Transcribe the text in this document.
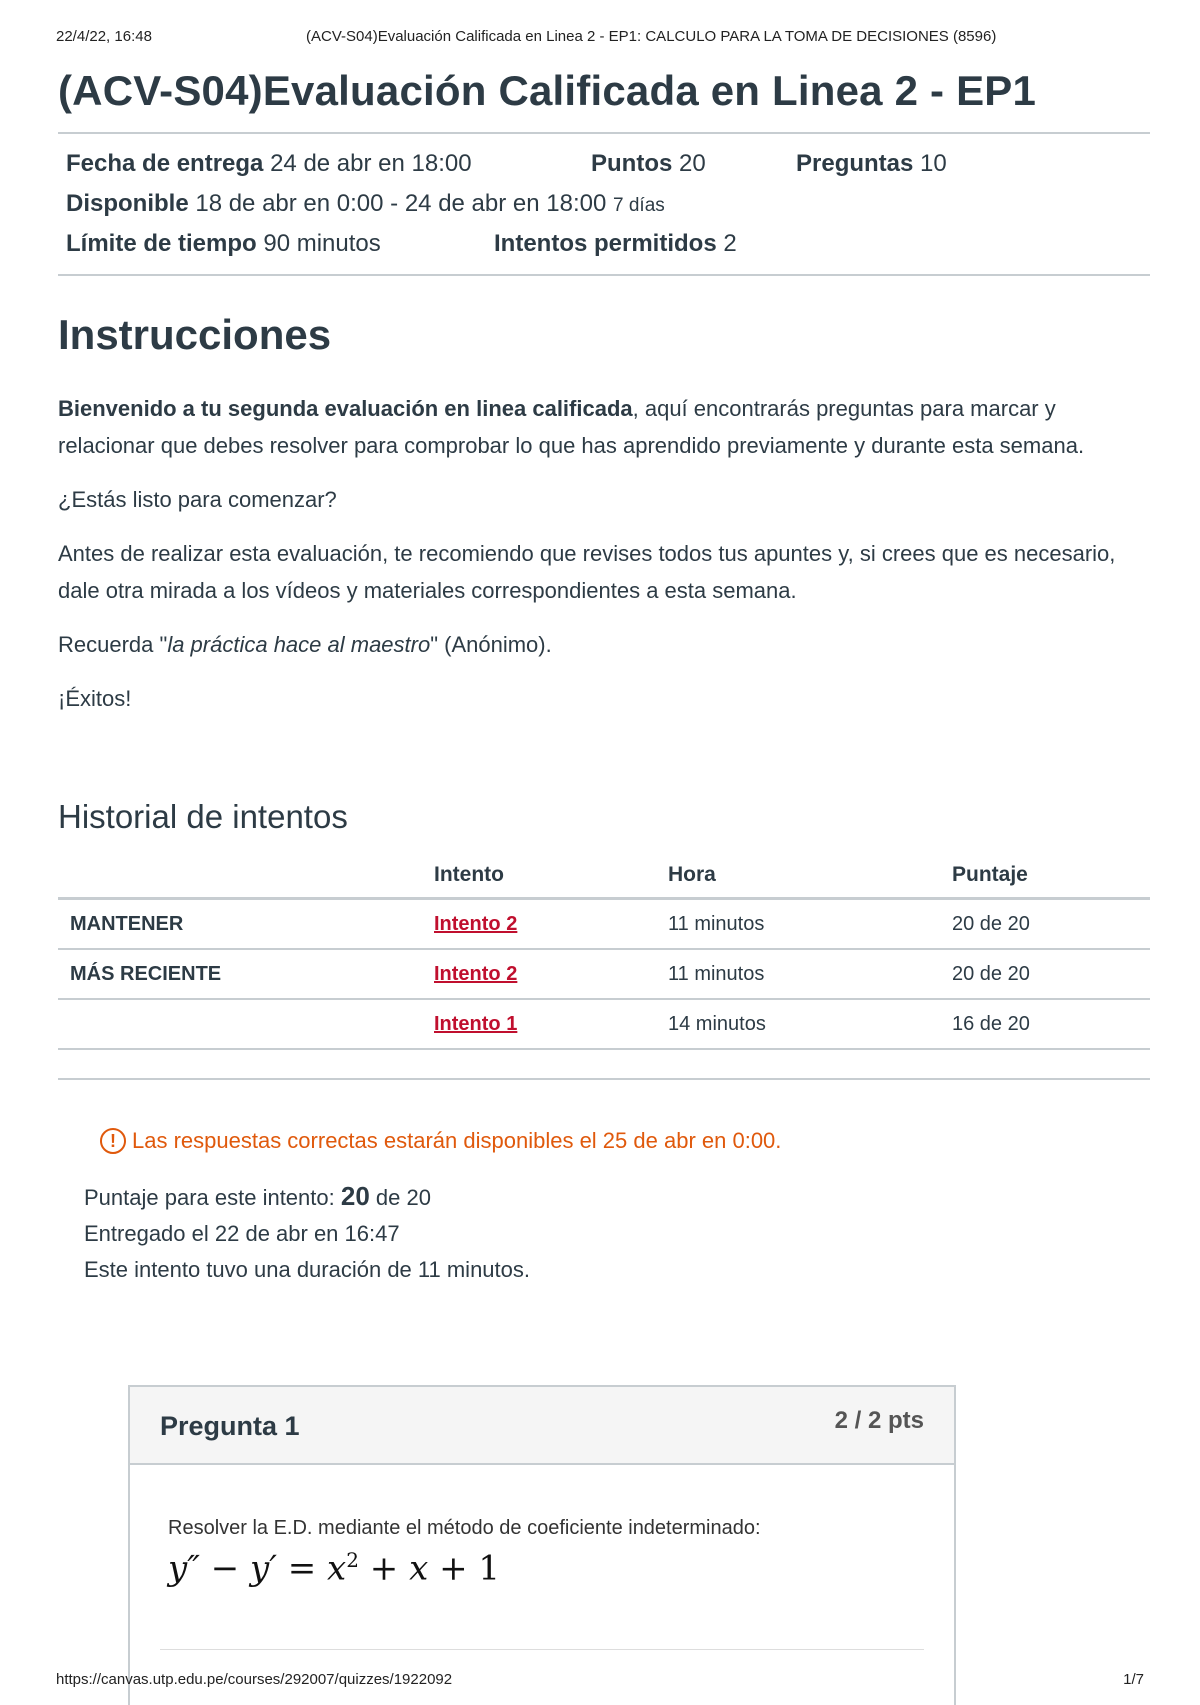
22/4/22, 16:48	(ACV-S04)Evaluación Calificada en Linea 2 - EP1: CALCULO PARA LA TOMA DE DECISIONES (8596)
(ACV-S04)Evaluación Calificada en Linea 2 - EP1
Fecha de entrega 24 de abr en 18:00	Puntos 20	Preguntas 10
Disponible 18 de abr en 0:00 - 24 de abr en 18:00 7 días
Límite de tiempo 90 minutos	Intentos permitidos 2
Instrucciones

Bienvenido a tu segunda evaluación en linea calificada, aquí encontrarás preguntas para marcar y relacionar que debes resolver para comprobar lo que has aprendido previamente y durante esta semana.

¿Estás listo para comenzar?

Antes de realizar esta evaluación, te recomiendo que revises todos tus apuntes y, si crees que es necesario, dale otra mirada a los vídeos y materiales correspondientes a esta semana.

Recuerda "la práctica hace al maestro" (Anónimo).

¡Éxitos!

Historial de intentos
	Intento	Hora	Puntaje
MANTENER	Intento 2	11 minutos	20 de 20
MÁS RECIENTE	Intento 2	11 minutos	20 de 20
	Intento 1	14 minutos	16 de 20
! Las respuestas correctas estarán disponibles el 25 de abr en 0:00.
Puntaje para este intento: 20 de 20
Entregado el 22 de abr en 16:47
Este intento tuvo una duración de 11 minutos.
Pregunta 1	2 / 2 pts
Resolver la E.D. mediante el método de coeficiente indeterminado:
$y'' - y' = x^2 + x + 1$
https://canvas.utp.edu.pe/courses/292007/quizzes/1922092	1/7
